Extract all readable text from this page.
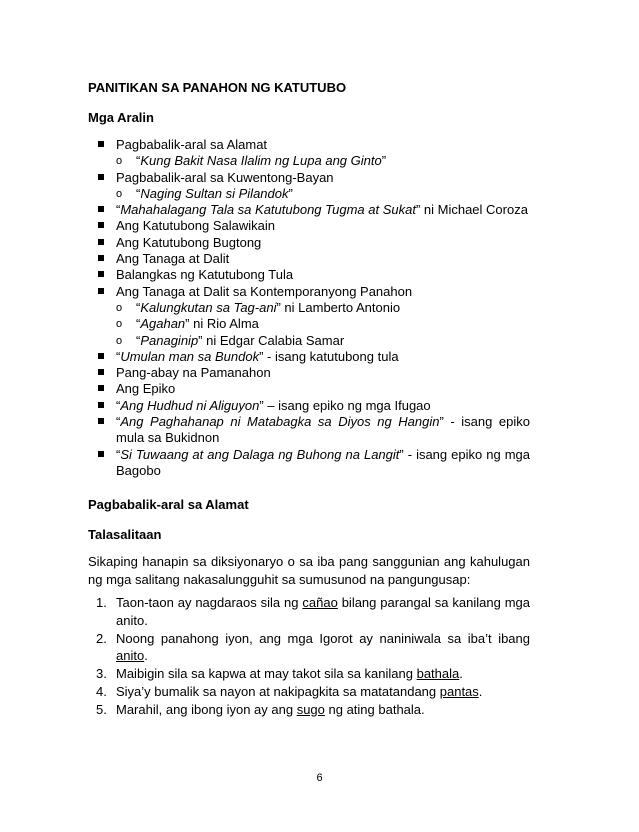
PANITIKAN SA PANAHON NG KATUTUBO
Mga Aralin
Pagbabalik-aral sa Alamat
o “Kung Bakit Nasa Ilalim ng Lupa ang Ginto”
Pagbabalik-aral sa Kuwentong-Bayan
o “Naging Sultan si Pilandok”
“Mahahalagang Tala sa Katutubong Tugma at Sukat” ni Michael Coroza
Ang Katutubong Salawikain
Ang Katutubong Bugtong
Ang Tanaga at Dalit
Balangkas ng Katutubong Tula
Ang Tanaga at Dalit sa Kontemporanyong Panahon
o “Kalungkutan sa Tag-ani” ni Lamberto Antonio
o “Agahan” ni Rio Alma
o “Panaginip” ni Edgar Calabia Samar
“Umulan man sa Bundok” - isang katutubong tula
Pang-abay na Pamanahon
Ang Epiko
“Ang Hudhud ni Aliguyon” – isang epiko ng mga Ifugao
“Ang Paghahanap ni Matabagka sa Diyos ng Hangin” - isang epiko mula sa Bukidnon
“Si Tuwaang at ang Dalaga ng Buhong na Langit” - isang epiko ng mga Bagobo
Pagbabalik-aral sa Alamat
Talasalitaan
Sikaping hanapin sa diksiyonaryo o sa iba pang sanggunian ang kahulugan ng mga salitang nakasalungguhit sa sumusunod na pangungusap:
1. Taon-taon ay nagdaraos sila ng cañao bilang parangal sa kanilang mga anito.
2. Noong panahong iyon, ang mga Igorot ay naniniwala sa iba’t ibang anito.
3. Maibigin sila sa kapwa at may takot sila sa kanilang bathala.
4. Siya’y bumalik sa nayon at nakipagkita sa matatandang pantas.
5. Marahil, ang ibong iyon ay ang sugo ng ating bathala.
6
